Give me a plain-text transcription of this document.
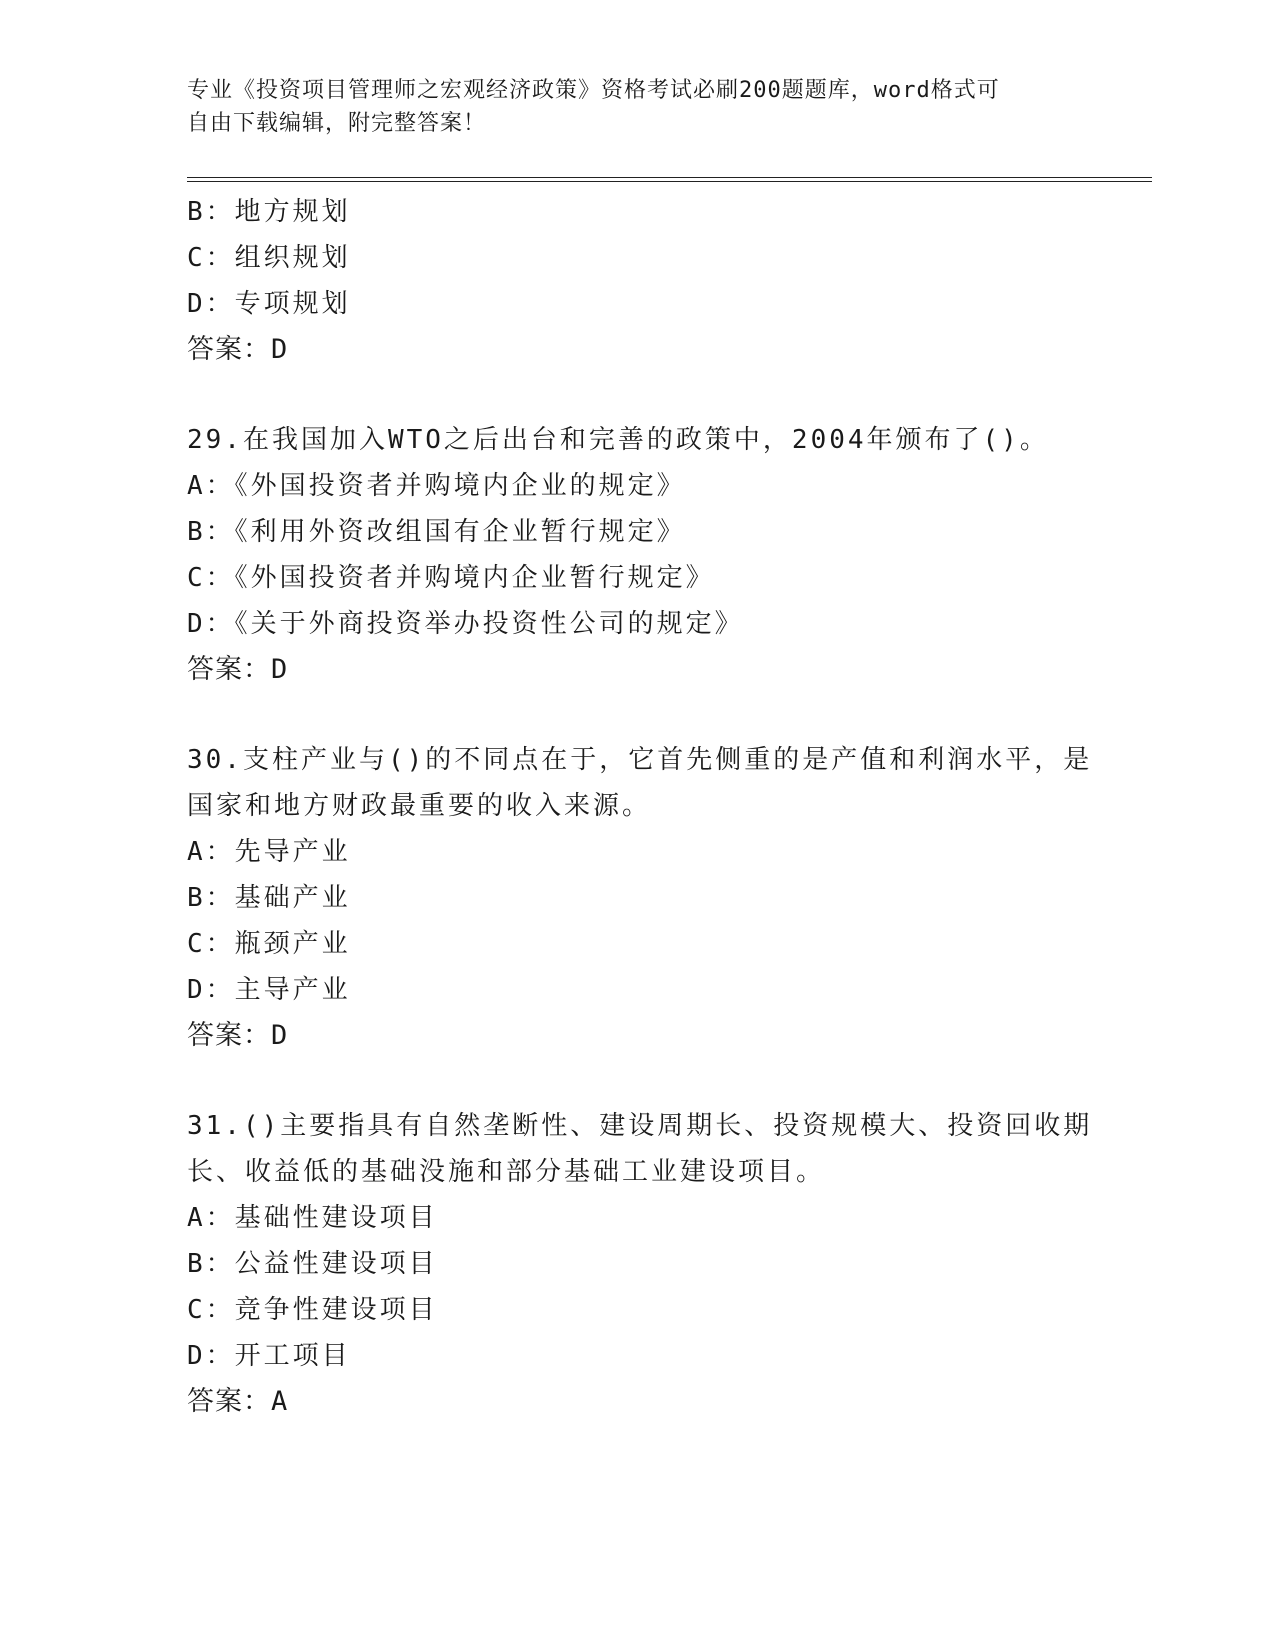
专业《投资项目管理师之宏观经济政策》资格考试必刷200题题库，word格式可
自由下载编辑，附完整答案！
B：地方规划
C：组织规划
D：专项规划
答案：D
29.在我国加入WTO之后出台和完善的政策中，2004年颁布了()。
A：《外国投资者并购境内企业的规定》
B：《利用外资改组国有企业暂行规定》
C：《外国投资者并购境内企业暂行规定》
D：《关于外商投资举办投资性公司的规定》
答案：D
30.支柱产业与()的不同点在于，它首先侧重的是产值和利润水平，是
国家和地方财政最重要的收入来源。
A：先导产业
B：基础产业
C：瓶颈产业
D：主导产业
答案：D
31.()主要指具有自然垄断性、建设周期长、投资规模大、投资回收期
长、收益低的基础没施和部分基础工业建设项目。
A：基础性建设项目
B：公益性建设项目
C：竞争性建设项目
D：开工项目
答案：A
